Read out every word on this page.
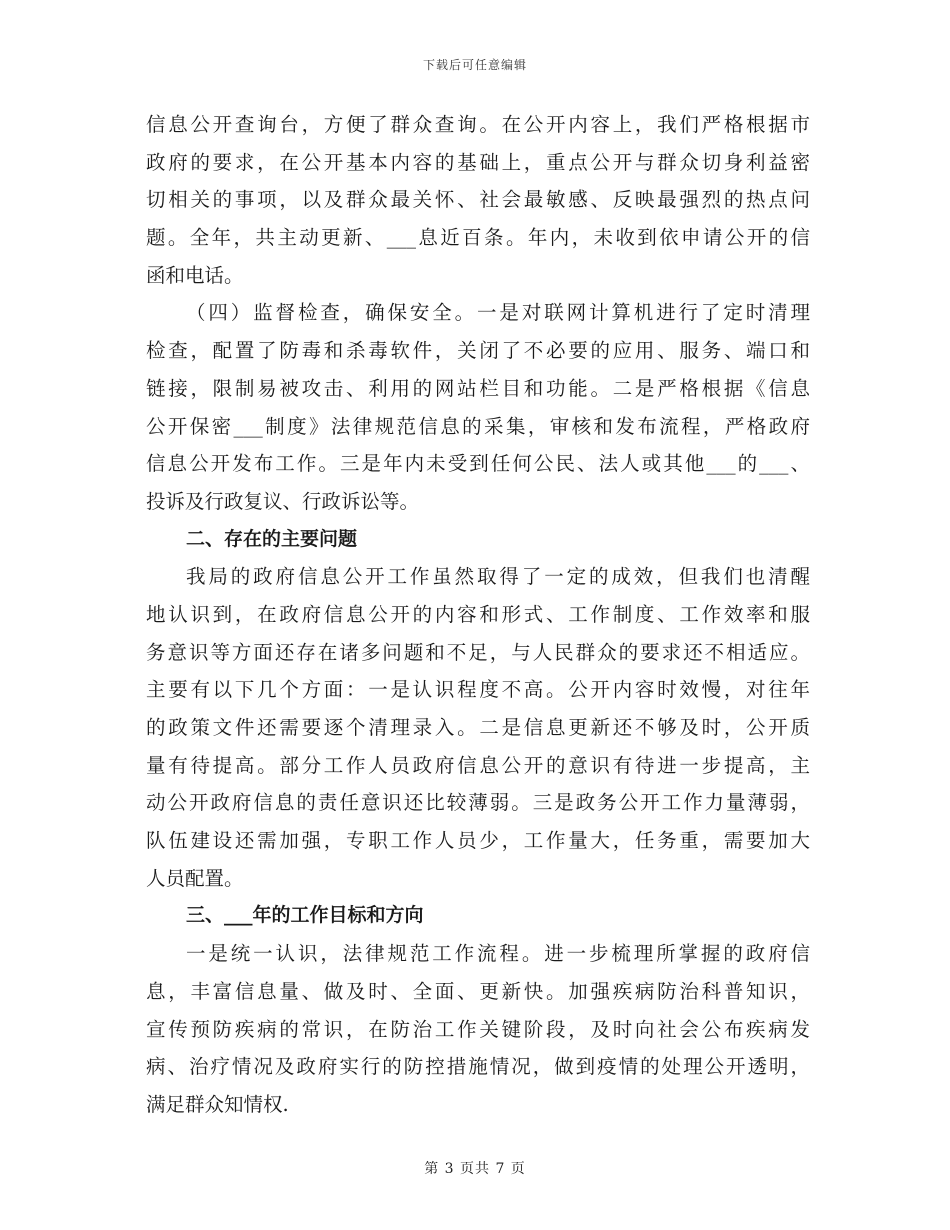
下载后可任意编辑
信息公开查询台，方便了群众查询。在公开内容上，我们严格根据市
政府的要求，在公开基本内容的基础上，重点公开与群众切身利益密
切相关的事项，以及群众最关怀、社会最敏感、反映最强烈的热点问
题。全年，共主动更新、___息近百条。年内，未收到依申请公开的信
函和电话。
（四）监督检查，确保安全。一是对联网计算机进行了定时清理
检查，配置了防毒和杀毒软件，关闭了不必要的应用、服务、端口和
链接，限制易被攻击、利用的网站栏目和功能。二是严格根据《信息
公开保密___制度》法律规范信息的采集，审核和发布流程，严格政府
信息公开发布工作。三是年内未受到任何公民、法人或其他___的___、
投诉及行政复议、行政诉讼等。
二、存在的主要问题
我局的政府信息公开工作虽然取得了一定的成效，但我们也清醒
地认识到，在政府信息公开的内容和形式、工作制度、工作效率和服
务意识等方面还存在诸多问题和不足，与人民群众的要求还不相适应。
主要有以下几个方面：一是认识程度不高。公开内容时效慢，对往年
的政策文件还需要逐个清理录入。二是信息更新还不够及时，公开质
量有待提高。部分工作人员政府信息公开的意识有待进一步提高，主
动公开政府信息的责任意识还比较薄弱。三是政务公开工作力量薄弱，
队伍建设还需加强，专职工作人员少，工作量大，任务重，需要加大
人员配置。
三、___年的工作目标和方向
一是统一认识，法律规范工作流程。进一步梳理所掌握的政府信
息，丰富信息量、做及时、全面、更新快。加强疾病防治科普知识，
宣传预防疾病的常识，在防治工作关键阶段，及时向社会公布疾病发
病、治疗情况及政府实行的防控措施情况，做到疫情的处理公开透明，
满足群众知情权.
第 3 页共 7 页
